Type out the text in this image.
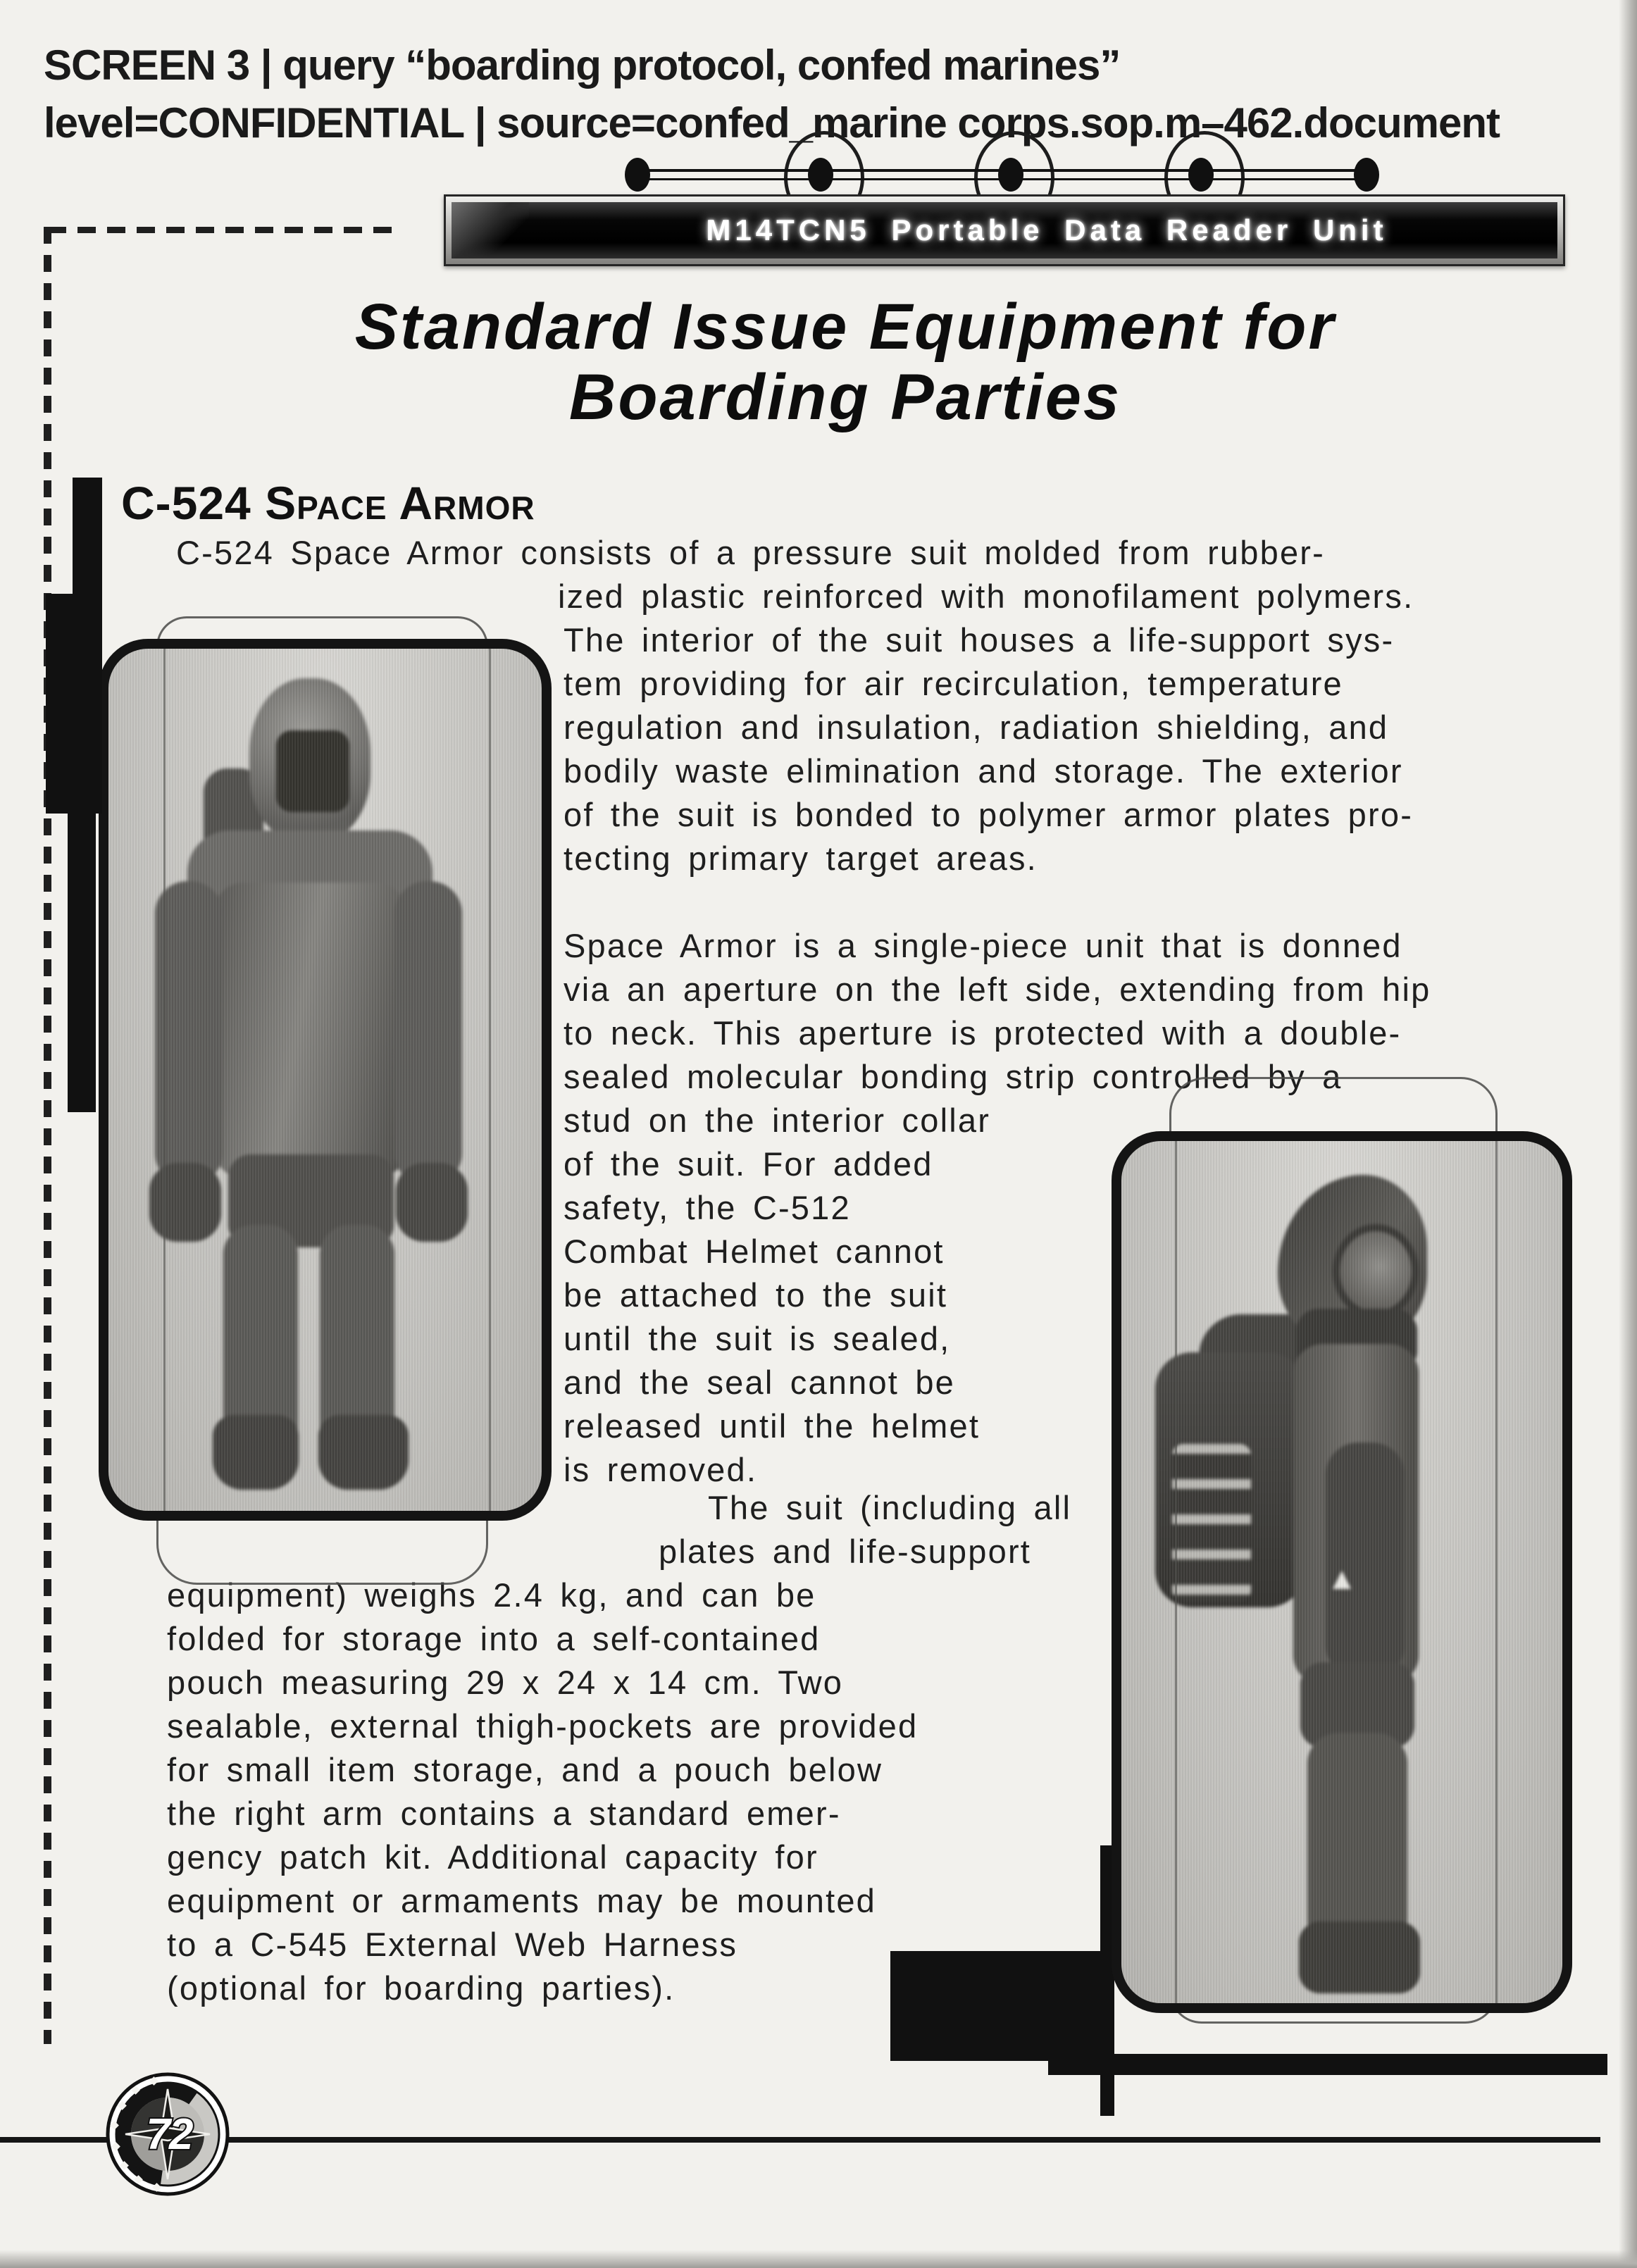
SCREEN 3 | query “boarding protocol, confed marines”
level=CONFIDENTIAL | source=confed_marine corps.sop.m–462.document
M14TCN5 Portable Data Reader Unit
Standard Issue Equipment for
Boarding Parties
C-524 Space Armor
C-524 Space Armor consists of a pressure suit molded from rubber-
ized plastic reinforced with monofilament polymers.
The interior of the suit houses a life-support sys-
tem providing for air recirculation, temperature
regulation and insulation, radiation shielding, and
bodily waste elimination and storage. The exterior
of the suit is bonded to polymer armor plates pro-
tecting primary target areas.
Space Armor is a single-piece unit that is donned
via an aperture on the left side, extending from hip
to neck. This aperture is protected with a double-
sealed molecular bonding strip controlled by a
stud on the interior collar
of the suit. For added
safety, the C-512
Combat Helmet cannot
be attached to the suit
until the suit is sealed,
and the seal cannot be
released until the helmet
is removed.
The suit (including all
plates and life-support
equipment) weighs 2.4 kg, and can be
folded for storage into a self-contained
pouch measuring 29 x 24 x 14 cm. Two
sealable, external thigh-pockets are provided
for small item storage, and a pouch below
the right arm contains a standard emer-
gency patch kit. Additional capacity for
equipment or armaments may be mounted
to a C-545 External Web Harness
(optional for boarding parties).
72
